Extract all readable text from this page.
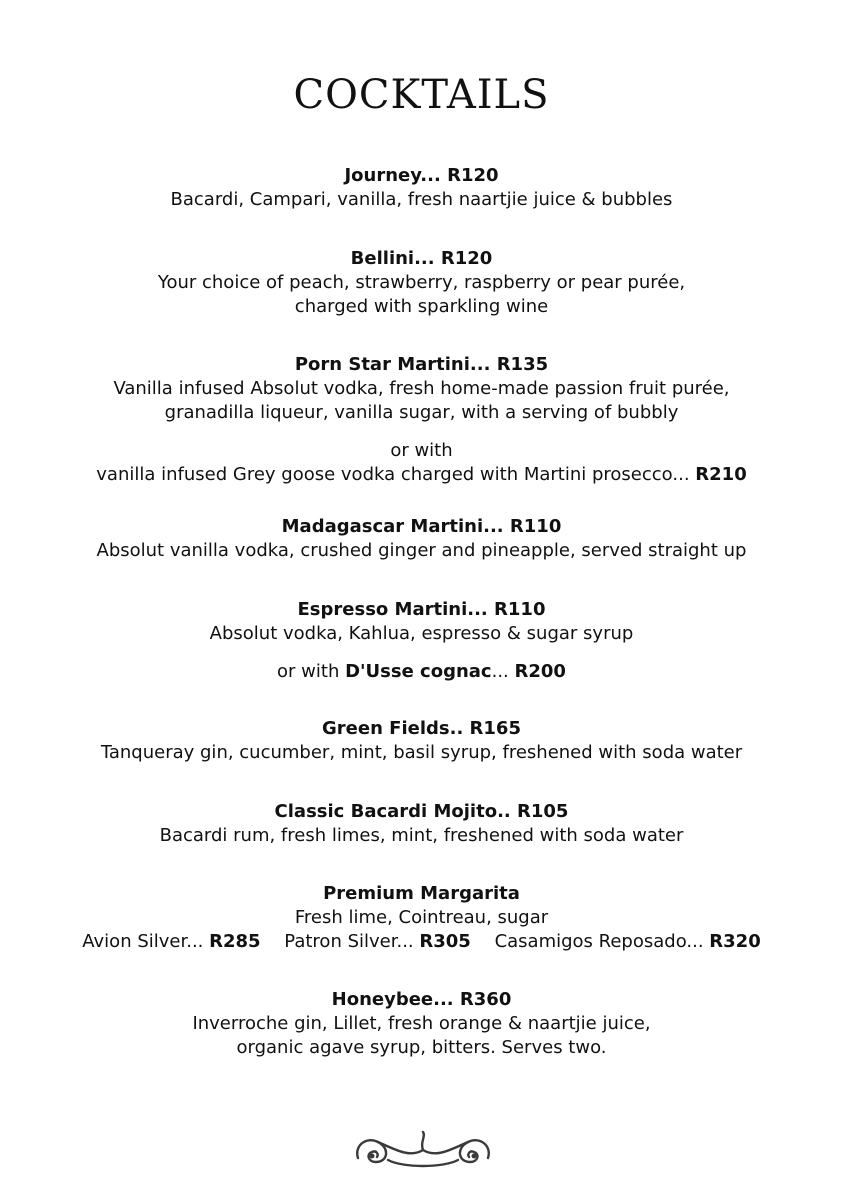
COCKTAILS
Journey... R120
Bacardi, Campari, vanilla, fresh naartjie juice & bubbles
Bellini... R120
Your choice of peach, strawberry, raspberry or pear purée,
charged with sparkling wine
Porn Star Martini... R135
Vanilla infused Absolut vodka, fresh home-made passion fruit purée,
granadilla liqueur, vanilla sugar, with a serving of bubbly
or with
vanilla infused Grey goose vodka charged with Martini prosecco... R210
Madagascar Martini... R110
Absolut vanilla vodka, crushed ginger and pineapple, served straight up
Espresso Martini... R110
Absolut vodka, Kahlua, espresso & sugar syrup
or with D'Usse cognac... R200
Green Fields.. R165
Tanqueray gin, cucumber, mint, basil syrup, freshened with soda water
Classic Bacardi Mojito.. R105
Bacardi rum, fresh limes, mint, freshened with soda water
Premium Margarita
Fresh lime, Cointreau, sugar
Avion Silver... R285 Patron Silver... R305 Casamigos Reposado... R320
Honeybee... R360
Inverroche gin, Lillet, fresh orange & naartjie juice,
organic agave syrup, bitters. Serves two.
